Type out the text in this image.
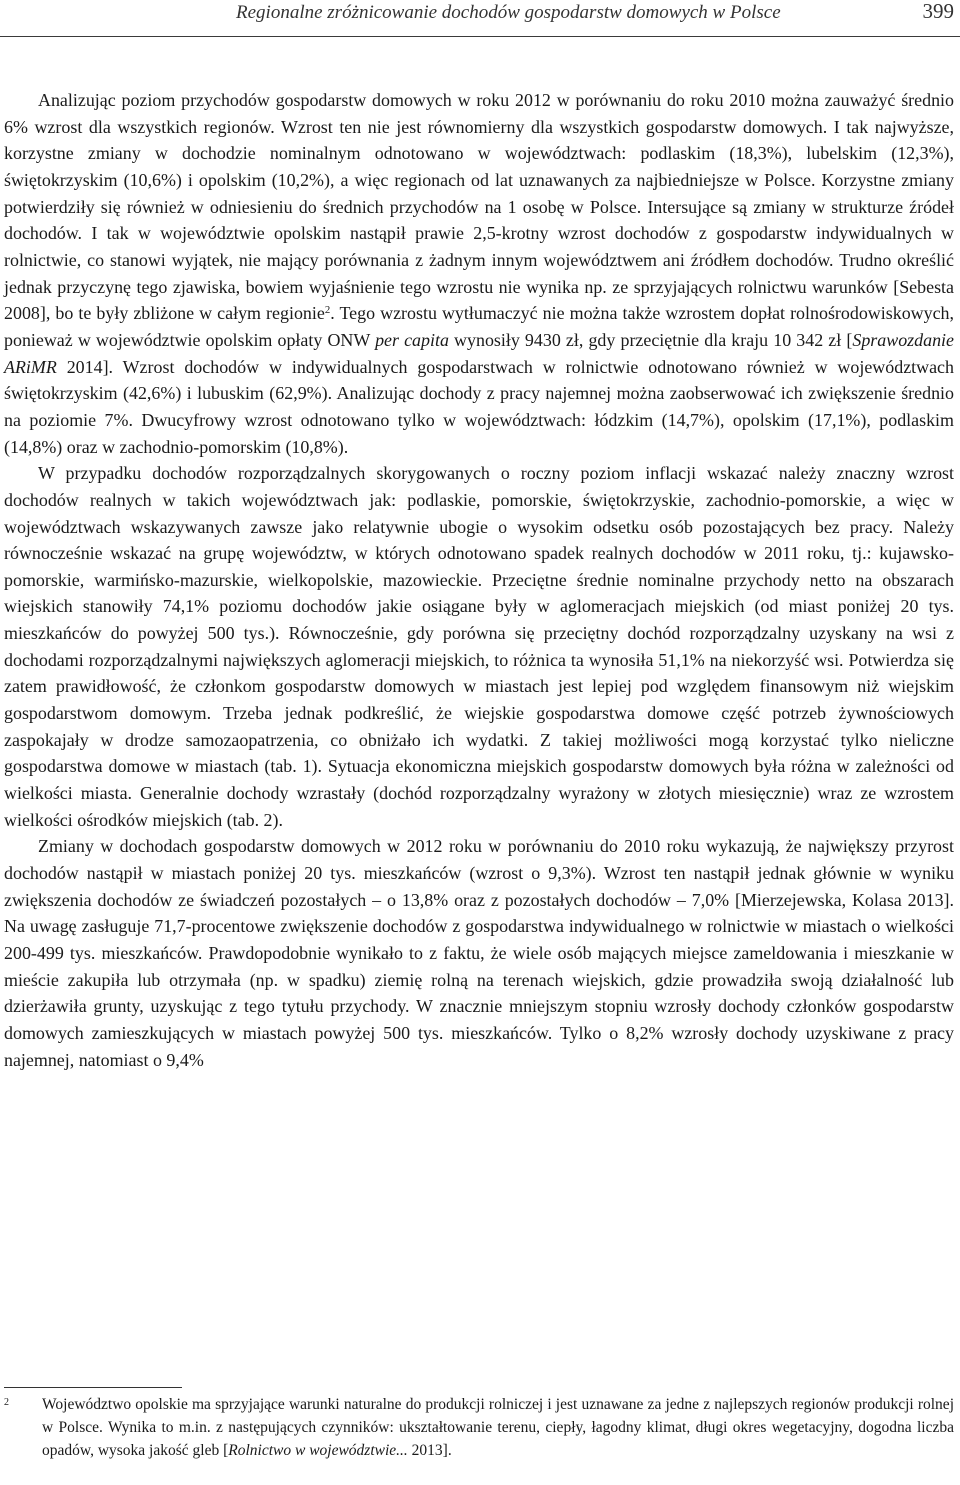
Regionalne zróżnicowanie dochodów gospodarstw domowych w Polsce	399

Analizując poziom przychodów gospodarstw domowych w roku 2012 w porównaniu do roku 2010 można zauważyć średnio 6% wzrost dla wszystkich regionów. Wzrost ten nie jest równomierny dla wszystkich gospodarstw domowych. I tak najwyższe, korzystne zmiany w dochodzie nominalnym odnotowano w województwach: podlaskim (18,3%), lubelskim (12,3%), świętokrzyskim (10,6%) i opolskim (10,2%), a więc regionach od lat uznawanych za najbiedniejsze w Polsce. Korzystne zmiany potwierdziły się również w odniesieniu do średnich przychodów na 1 osobę w Polsce. Intersujące są zmiany w strukturze źródeł dochodów. I tak w województwie opolskim nastąpił prawie 2,5-krotny wzrost dochodów z gospodarstw indywidualnych w rolnictwie, co stanowi wyjątek, nie mający porównania z żadnym innym województwem ani źródłem dochodów. Trudno określić jednak przyczynę tego zjawiska, bowiem wyjaśnienie tego wzrostu nie wynika np. ze sprzyjających rolnictwu warunków [Sebesta 2008], bo te były zbliżone w całym regionie$^2$. Tego wzrostu wytłumaczyć nie można także wzrostem dopłat rolnośrodowiskowych, ponieważ w województwie opolskim opłaty ONW per capita wynosiły 9430 zł, gdy przeciętnie dla kraju 10 342 zł [Sprawozdanie ARiMR 2014]. Wzrost dochodów w indywidualnych gospodarstwach w rolnictwie odnotowano również w województwach świętokrzyskim (42,6%) i lubuskim (62,9%). Analizując dochody z pracy najemnej można zaobserwować ich zwiększenie średnio na poziomie 7%. Dwucyfrowy wzrost odnotowano tylko w województwach: łódzkim (14,7%), opolskim (17,1%), podlaskim (14,8%) oraz w zachodnio-pomorskim (10,8%).

W przypadku dochodów rozporządzalnych skorygowanych o roczny poziom inflacji wskazać należy znaczny wzrost dochodów realnych w takich województwach jak: podlaskie, pomorskie, świętokrzyskie, zachodnio-pomorskie, a więc w województwach wskazywanych zawsze jako relatywnie ubogie o wysokim odsetku osób pozostających bez pracy. Należy równocześnie wskazać na grupę województw, w których odnotowano spadek realnych dochodów w 2011 roku, tj.: kujawsko-pomorskie, warmińsko-mazurskie, wielkopolskie, mazowieckie. Przeciętne średnie nominalne przychody netto na obszarach wiejskich stanowiły 74,1% poziomu dochodów jakie osiągane były w aglomeracjach miejskich (od miast poniżej 20 tys. mieszkańców do powyżej 500 tys.). Równocześnie, gdy porówna się przeciętny dochód rozporządzalny uzyskany na wsi z dochodami rozporządzalnymi największych aglomeracji miejskich, to różnica ta wynosiła 51,1% na niekorzyść wsi. Potwierdza się zatem prawidłowość, że członkom gospodarstw domowych w miastach jest lepiej pod względem finansowym niż wiejskim gospodarstwom domowym. Trzeba jednak podkreślić, że wiejskie gospodarstwa domowe część potrzeb żywnościowych zaspokajały w drodze samozaopatrzenia, co obniżało ich wydatki. Z takiej możliwości mogą korzystać tylko nieliczne gospodarstwa domowe w miastach (tab. 1). Sytuacja ekonomiczna miejskich gospodarstw domowych była różna w zależności od wielkości miasta. Generalnie dochody wzrastały (dochód rozporządzalny wyrażony w złotych miesięcznie) wraz ze wzrostem wielkości ośrodków miejskich (tab. 2).

Zmiany w dochodach gospodarstw domowych w 2012 roku w porównaniu do 2010 roku wykazują, że największy przyrost dochodów nastąpił w miastach poniżej 20 tys. mieszkańców (wzrost o 9,3%). Wzrost ten nastąpił jednak głównie w wyniku zwiększenia dochodów ze świadczeń pozostałych – o 13,8% oraz z pozostałych dochodów – 7,0% [Mierzejewska, Kolasa 2013]. Na uwagę zasługuje 71,7-procentowe zwiększenie dochodów z gospodarstwa indywidualnego w rolnictwie w miastach o wielkości 200-499 tys. mieszkańców. Prawdopodobnie wynikało to z faktu, że wiele osób mających miejsce zameldowania i mieszkanie w mieście zakupiła lub otrzymała (np. w spadku) ziemię rolną na terenach wiejskich, gdzie prowadziła swoją działalność lub dzierżawiła grunty, uzyskując z tego tytułu przychody. W znacznie mniejszym stopniu wzrosły dochody członków gospodarstw domowych zamieszkujących w miastach powyżej 500 tys. mieszkańców. Tylko o 8,2% wzrosły dochody uzyskiwane z pracy najemnej, natomiast o 9,4%

2 Województwo opolskie ma sprzyjające warunki naturalne do produkcji rolniczej i jest uznawane za jedne z najlepszych regionów produkcji rolnej w Polsce. Wynika to m.in. z następujących czynników: ukształtowanie terenu, ciepły, łagodny klimat, długi okres wegetacyjny, dogodna liczba opadów, wysoka jakość gleb [Rolnictwo w województwie... 2013].
